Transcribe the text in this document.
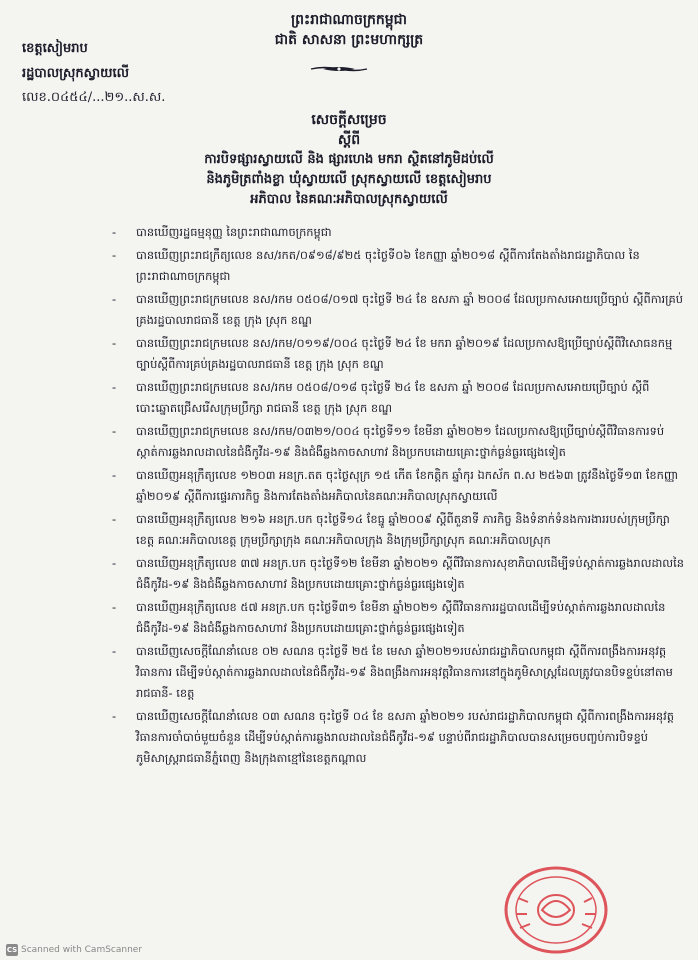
ព្រះរាជាណាចក្រកម្ពុជា
ជាតិ សាសនា ព្រះមហាក្សត្រ
ខេត្តសៀមរាប
រដ្ឋបាលស្រុកស្វាយលើ
លេខ.០៤៥៤/...២១..ស.ស.
សេចក្តីសម្រេច
ស្តីពី
ការបិទផ្សារស្វាយលើ និង ផ្សារហេង មករា ស្ថិតនៅភូមិដប់លើ
និងភូមិត្រពាំងខ្លា ឃុំស្វាយលើ ស្រុកស្វាយលើ ខេត្តសៀមរាប
អភិបាល នៃគណៈអភិបាលស្រុកស្វាយលើ
- បានឃើញរដ្ឋធម្មនុញ្ញ នៃព្រះរាជាណាចក្រកម្ពុជា
- បានឃើញព្រះរាជក្រឹត្យលេខ នស/រកត/០៩១៨/៩២៥ ចុះថ្ងៃទី០៦ ខែកញ្ញា ឆ្នាំ២០១៨ ស្តីពីការតែងតាំងរាជរដ្ឋាភិបាល នៃព្រះរាជាណាចក្រកម្ពុជា
- បានឃើញព្រះរាជក្រមលេខ នស/រកម ០៥០៨/០១៧ ចុះថ្ងៃទី ២៤ ខែ ឧសភា ឆ្នាំ ២០០៨ ដែលប្រកាសអោយប្រើច្បាប់ ស្តីពីការគ្រប់គ្រងរដ្ឋបាលរាជធានី ខេត្ត ក្រុង ស្រុក ខណ្ឌ
- បានឃើញព្រះរាជក្រមលេខ នស/រកម/០១១៩/០០៤ ចុះថ្ងៃទី ២៤ ខែ មករា ឆ្នាំ២០១៩ ដែលប្រកាសឱ្យប្រើច្បាប់ស្តីពីវិសោធនកម្មច្បាប់ស្តីពីការគ្រប់គ្រងរដ្ឋបាលរាជធានី ខេត្ត ក្រុង ស្រុក ខណ្ឌ
- បានឃើញព្រះរាជក្រមលេខ នស/រកម ០៥០៨/០១៨ ចុះថ្ងៃទី ២៤ ខែ ឧសភា ឆ្នាំ ២០០៨ ដែលប្រកាសអោយប្រើច្បាប់ ស្តីពីបោះឆ្នោតជ្រើសរើសក្រុមប្រឹក្សា រាជធានី ខេត្ត ក្រុង ស្រុក ខណ្ឌ
- បានឃើញព្រះរាជក្រមលេខ នស/រកម/០៣២១/០០៤ ចុះថ្ងៃទី១១ ខែមីនា ឆ្នាំ២០២១ ដែលប្រកាសឱ្យប្រើច្បាប់ស្តីពីវិធានការទប់ស្កាត់ការឆ្លងរាលដាលនៃជំងឺកូវីដ-១៩ និងជំងឺឆ្លងកាចសាហាវ និងប្រកបដោយគ្រោះថ្នាក់ធ្ងន់ធ្ងរផ្សេងទៀត
- បានឃើញអនុក្រឹត្យលេខ ១២០៣ អនក្រ.តត ចុះថ្ងៃសុក្រ ១៥ កើត ខែកត្ដិក ឆ្នាំកុរ ឯកស័ក ព.ស ២៥៦៣ ត្រូវនឹងថ្ងៃទី១៣ ខែកញ្ញា ឆ្នាំ២០១៩ ស្តីពីការផ្ទេរភារកិច្ច និងការតែងតាំងអភិបាលនៃគណៈអភិបាលស្រុកស្វាយលើ
- បានឃើញអនុក្រឹត្យលេខ ២១៦ អនក្រ.បក ចុះថ្ងៃទី១៤ ខែធ្នូ ឆ្នាំ២០០៩ ស្តីពីតួនាទី ភារកិច្ច និងទំនាក់ទំនងការងាររបស់ក្រុមប្រឹក្សាខេត្ត គណៈអភិបាលខេត្ត ក្រុមប្រឹក្សាក្រុង គណៈអភិបាលក្រុង និងក្រុមប្រឹក្សាស្រុក គណៈអភិបាលស្រុក
- បានឃើញអនុក្រឹត្យលេខ ៣៧ អនក្រ.បក ចុះថ្ងៃទី១២ ខែមីនា ឆ្នាំ២០២១ ស្តីពីវិធានការសុខាភិបាលដើម្បីទប់ស្កាត់ការឆ្លងរាលដាលនៃជំងឺកូវីដ-១៩ និងជំងឺឆ្លងកាចសាហាវ និងប្រកបដោយគ្រោះថ្នាក់ធ្ងន់ធ្ងរផ្សេងទៀត
- បានឃើញអនុក្រឹត្យលេខ ៥៧ អនក្រ.បក ចុះថ្ងៃទី៣១ ខែមីនា ឆ្នាំ២០២១ ស្តីពីវិធានការរដ្ឋបាលដើម្បីទប់ស្កាត់ការឆ្លងរាលដាលនៃជំងឺកូវីដ-១៩ និងជំងឺឆ្លងកាចសាហាវ និងប្រកបដោយគ្រោះថ្នាក់ធ្ងន់ធ្ងរផ្សេងទៀត
- បានឃើញសេចក្តីណែនាំលេខ ០២ សណន ចុះថ្ងៃទី ២៥ ខែ មេសា ឆ្នាំ២០២១របស់រាជរដ្ឋាភិបាលកម្ពុជា ស្តីពីការពង្រឹងការអនុវត្តវិធានការ ដើម្បីទប់ស្កាត់ការឆ្លងរាលដាលនៃជំងឺកូវីដ-១៩ និងពង្រឹងការអនុវត្តវិធានការនៅក្នុងភូមិសាស្ត្រដែលត្រូវបានបិទខ្ទប់នៅតាមរាជធានី- ខេត្ត
- បានឃើញសេចក្តីណែនាំលេខ ០៣ សណន ចុះថ្ងៃទី ០៤ ខែ ឧសភា ឆ្នាំ២០២១ របស់រាជរដ្ឋាភិបាលកម្ពុជា ស្តីពីការពង្រឹងការអនុវត្តវិធានការចាំបាច់មួយចំនួន ដើម្បីទប់ស្កាត់ការឆ្លងរាលដាលនៃជំងឺកូវីដ-១៩ បន្ទាប់ពីរាជរដ្ឋាភិបាលបានសម្រេចបញ្ចប់ការបិទខ្ទប់ភូមិសាស្ត្ររាជធានីភ្នំពេញ និងក្រុងតាខ្មៅនៃខេត្តកណ្តាល
CS Scanned with CamScanner
